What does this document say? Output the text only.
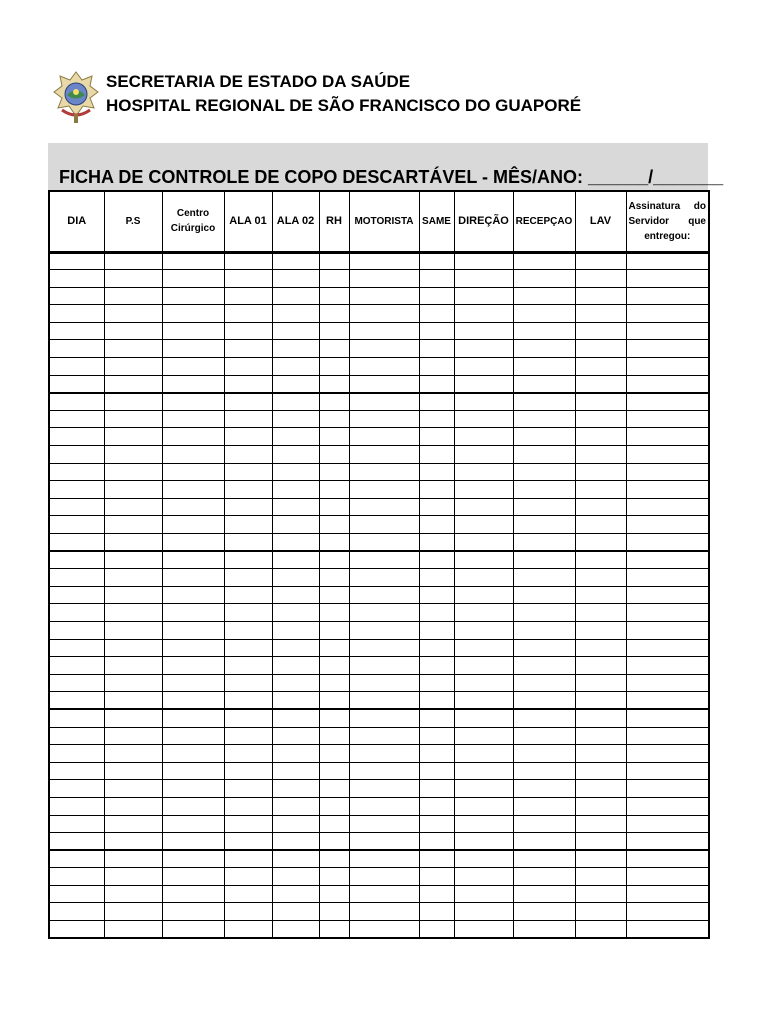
SECRETARIA DE ESTADO DA SAÚDE
HOSPITAL REGIONAL DE SÃO FRANCISCO DO GUAPORÉ
FICHA DE CONTROLE DE COPO DESCARTÁVEL - MÊS/ANO: ______/_______
DIA	P.S	Centro Cirúrgico	ALA 01	ALA 02	RH	MOTORISTA	SAME	DIREÇÃO	RECEPÇAO	LAV	Assinatura do Servidor que entregou:
